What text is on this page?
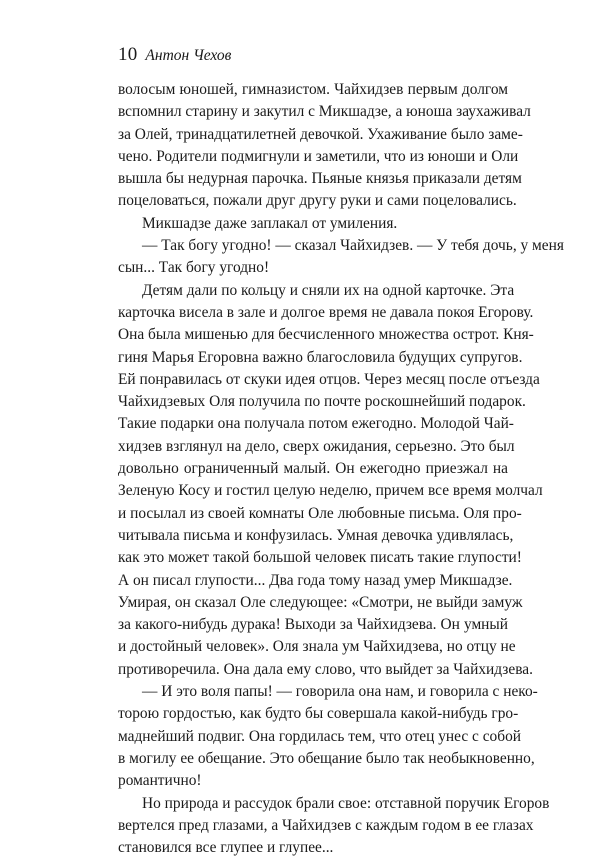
10 Антон Чехов
волосым юношей, гимназистом. Чайхидзев первым долгом
вспомнил старину и закутил с Микшадзе, а юноша заухаживал
за Олей, тринадцатилетней девочкой. Ухаживание было заме-
чено. Родители подмигнули и заметили, что из юноши и Оли
вышла бы недурная парочка. Пьяные князья приказали детям
поцеловаться, пожали друг другу руки и сами поцеловались.
Микшадзе даже заплакал от умиления.
— Так богу угодно! — сказал Чайхидзев. — У тебя дочь, у меня
сын... Так богу угодно!
Детям дали по кольцу и сняли их на одной карточке. Эта
карточка висела в зале и долгое время не давала покоя Егорову.
Она была мишенью для бесчисленного множества острот. Кня-
гиня Марья Егоровна важно благословила будущих супругов.
Ей понравилась от скуки идея отцов. Через месяц после отъезда
Чайхидзевых Оля получила по почте роскошнейший подарок.
Такие подарки она получала потом ежегодно. Молодой Чай-
хидзев взглянул на дело, сверх ожидания, серьезно. Это был
довольно ограниченный малый. Он ежегодно приезжал на
Зеленую Косу и гостил целую неделю, причем все время молчал
и посылал из своей комнаты Оле любовные письма. Оля про-
читывала письма и конфузилась. Умная девочка удивлялась,
как это может такой большой человек писать такие глупости!
А он писал глупости... Два года тому назад умер Микшадзе.
Умирая, он сказал Оле следующее: «Смотри, не выйди замуж
за какого-нибудь дурака! Выходи за Чайхидзева. Он умный
и достойный человек». Оля знала ум Чайхидзева, но отцу не
противоречила. Она дала ему слово, что выйдет за Чайхидзева.
— И это воля папы! — говорила она нам, и говорила с неко-
торою гордостью, как будто бы совершала какой-нибудь гро-
маднейший подвиг. Она гордилась тем, что отец унес с собой
в могилу ее обещание. Это обещание было так необыкновенно,
романтично!
Но природа и рассудок брали свое: отставной поручик Егоров
вертелся пред глазами, а Чайхидзев с каждым годом в ее глазах
становился все глупее и глупее...
